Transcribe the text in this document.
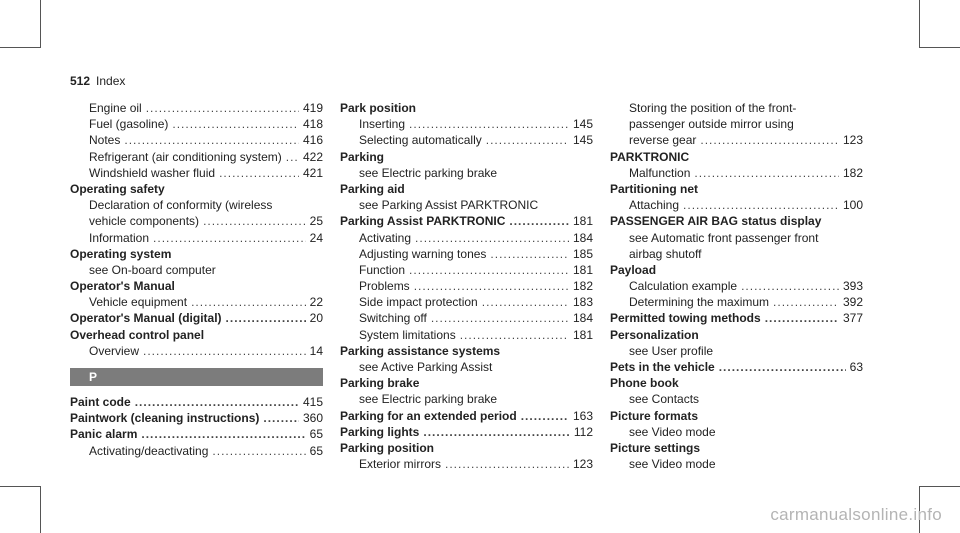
512 Index
Engine oil .....	419
Fuel (gasoline) .....	418
Notes .....	416
Refrigerant (air conditioning system) ..... 422
Windshield washer fluid .....	421
Operating safety
Declaration of conformity (wireless
vehicle components) .....	25
Information .....	24
Operating system
see On-board computer
Operator's Manual
Vehicle equipment .....	22
Operator's Manual (digital) .....	20
Overhead control panel
Overview .....	14
P
Paint code .....	415
Paintwork (cleaning instructions) .....	360
Panic alarm .....	65
Activating/deactivating .....	65
Park position
Inserting .....	145
Selecting automatically .....	145
Parking
see Electric parking brake
Parking aid
see Parking Assist PARKTRONIC
Parking Assist PARKTRONIC .....	181
Activating .....	184
Adjusting warning tones .....	185
Function .....	181
Problems .....	182
Side impact protection .....	183
Switching off .....	184
System limitations .....	181
Parking assistance systems
see Active Parking Assist
Parking brake
see Electric parking brake
Parking for an extended period .....	163
Parking lights .....	112
Parking position
Exterior mirrors .....	123
Storing the position of the front-
passenger outside mirror using
reverse gear .....	123
PARKTRONIC
Malfunction .....	182
Partitioning net
Attaching .....	100
PASSENGER AIR BAG status display
see Automatic front passenger front
airbag shutoff
Payload
Calculation example .....	393
Determining the maximum .....	392
Permitted towing methods .....	377
Personalization
see User profile
Pets in the vehicle .....	63
Phone book
see Contacts
Picture formats
see Video mode
Picture settings
see Video mode
carmanualsonline.info
